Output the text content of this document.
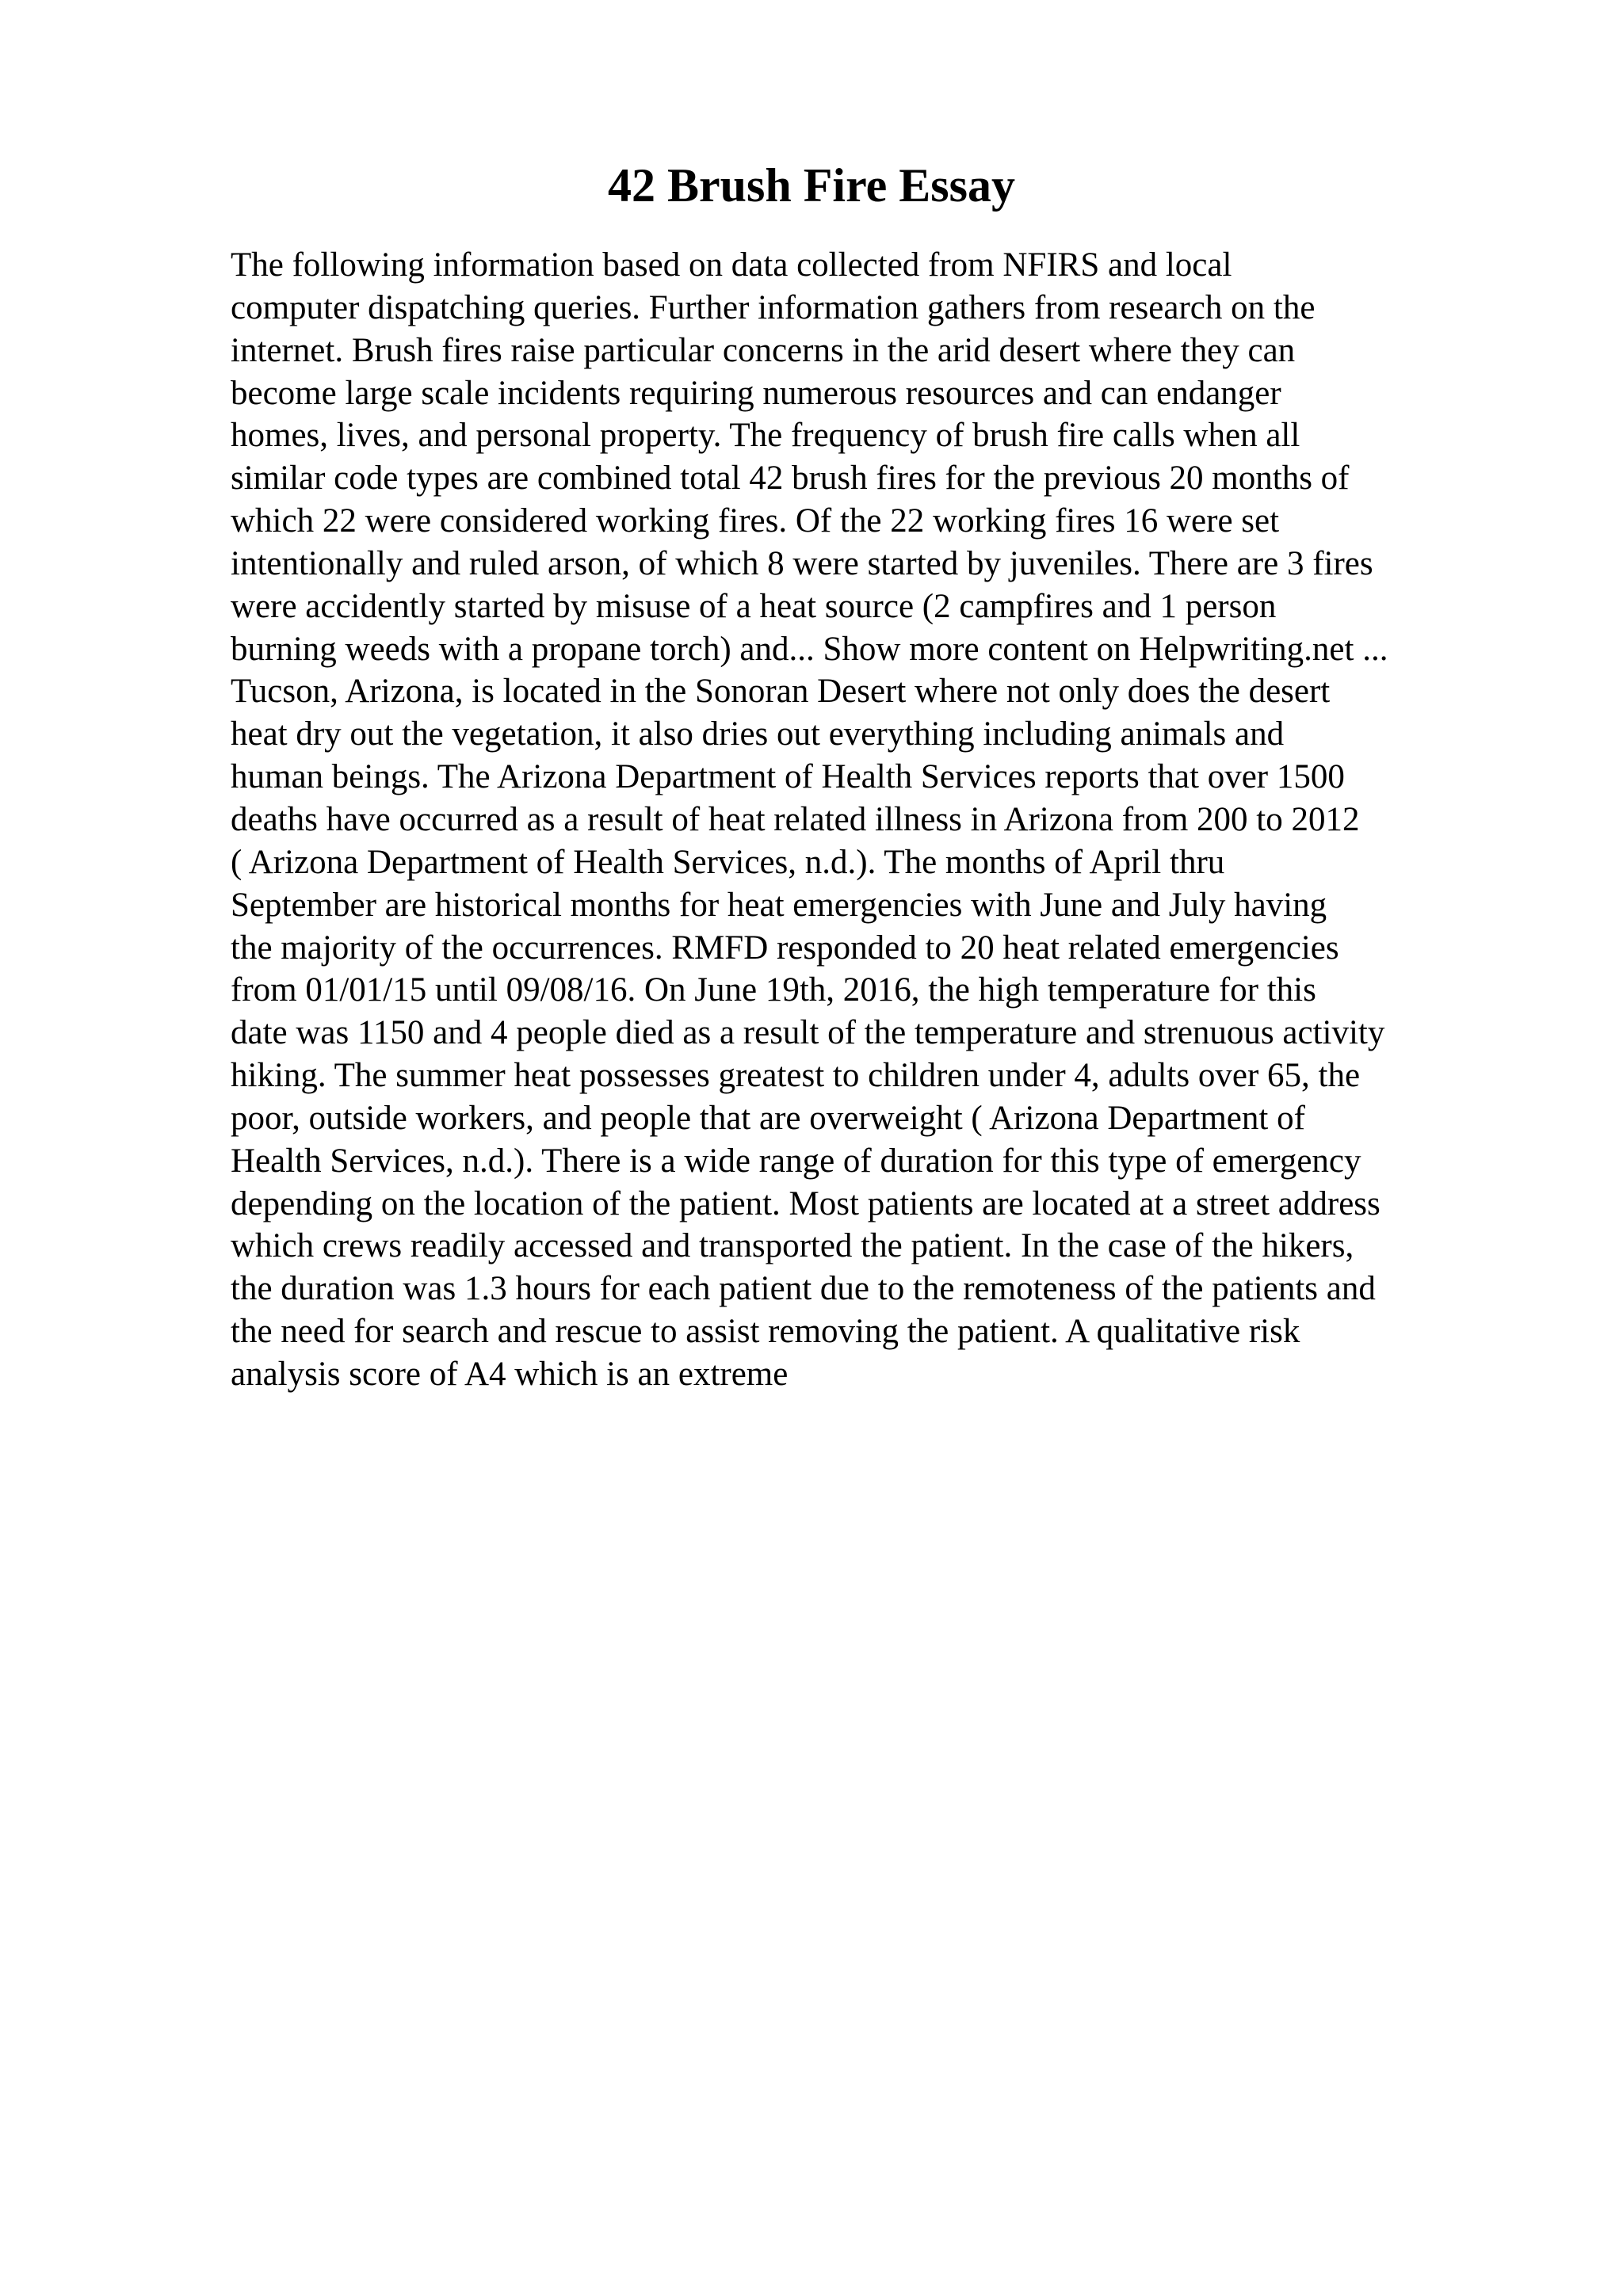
42 Brush Fire Essay
The following information based on data collected from NFIRS and local
computer dispatching queries. Further information gathers from research on the
internet. Brush fires raise particular concerns in the arid desert where they can
become large scale incidents requiring numerous resources and can endanger
homes, lives, and personal property. The frequency of brush fire calls when all
similar code types are combined total 42 brush fires for the previous 20 months of
which 22 were considered working fires. Of the 22 working fires 16 were set
intentionally and ruled arson, of which 8 were started by juveniles. There are 3 fires
were accidently started by misuse of a heat source (2 campfires and 1 person
burning weeds with a propane torch) and... Show more content on Helpwriting.net ...
Tucson, Arizona, is located in the Sonoran Desert where not only does the desert
heat dry out the vegetation, it also dries out everything including animals and
human beings. The Arizona Department of Health Services reports that over 1500
deaths have occurred as a result of heat related illness in Arizona from 200 to 2012
( Arizona Department of Health Services, n.d.). The months of April thru
September are historical months for heat emergencies with June and July having
the majority of the occurrences. RMFD responded to 20 heat related emergencies
from 01/01/15 until 09/08/16. On June 19th, 2016, the high temperature for this
date was 1150 and 4 people died as a result of the temperature and strenuous activity
hiking. The summer heat possesses greatest to children under 4, adults over 65, the
poor, outside workers, and people that are overweight ( Arizona Department of
Health Services, n.d.). There is a wide range of duration for this type of emergency
depending on the location of the patient. Most patients are located at a street address
which crews readily accessed and transported the patient. In the case of the hikers,
the duration was 1.3 hours for each patient due to the remoteness of the patients and
the need for search and rescue to assist removing the patient. A qualitative risk
analysis score of A4 which is an extreme
